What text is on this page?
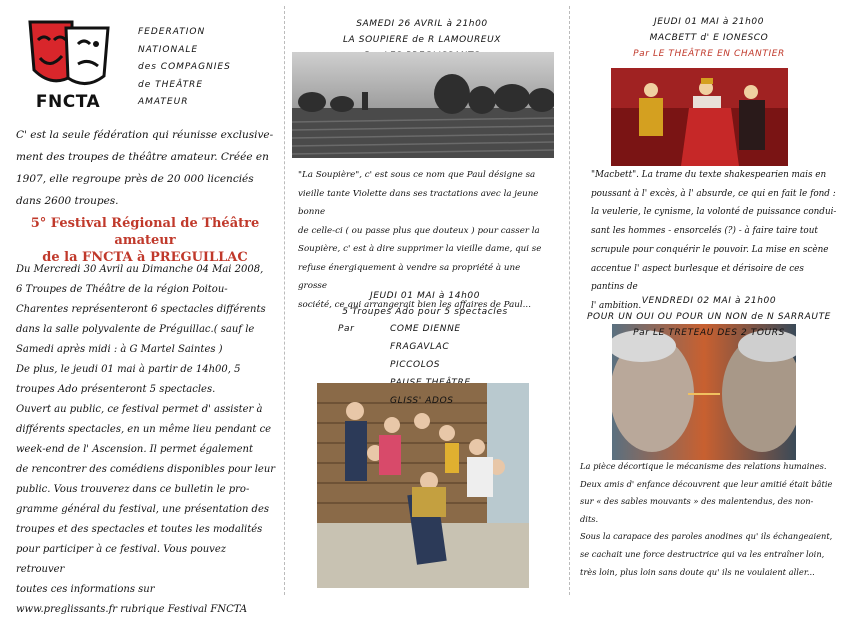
FNCTA
FEDERATION
NATIONALE
des COMPAGNIES
de THEÂTRE
AMATEUR
C' est la seule fédération qui réunisse exclusive-
ment des troupes de théâtre amateur. Créée en
1907, elle regroupe près de 20 000 licenciés
dans 2600 troupes.
5° Festival Régional de Théâtre amateur
de la FNCTA à PREGUILLAC
Du Mercredi 30 Avril au Dimanche 04 Mai 2008,
6 Troupes de Théâtre de la région Poitou-
Charentes représenteront 6 spectacles différents
dans la salle polyvalente de Préguillac.( sauf le
Samedi après midi : à G Martel Saintes )
De plus, le jeudi 01 mai à partir de 14h00, 5
troupes Ado présenteront 5 spectacles.
Ouvert au public, ce festival permet d' assister à
différents spectacles, en un même lieu pendant ce
week-end de l' Ascension. Il permet également
de rencontrer des comédiens disponibles pour leur
public. Vous trouverez dans ce bulletin le pro-
gramme général du festival, une présentation des
troupes et des spectacles et toutes les modalités
pour participer à ce festival. Vous pouvez retrouver
toutes ces informations sur
www.preglissants.fr rubrique Festival FNCTA
SAMEDI 26 AVRIL à 21h00
LA SOUPIERE de R LAMOUREUX
"La Soupière", c' est sous ce nom que Paul désigne sa
vieille tante Violette dans ses tractations avec la jeune bonne
de celle-ci ( ou passe plus que douteux ) pour casser la
Soupière, c' est à dire supprimer la vieille dame, qui se
refuse énergiquement à vendre sa propriété à une grosse
société, ce qui arrangerait bien les affaires de Paul...
JEUDI 01 MAI à 14h00
5 Troupes Ado pour 5 spectacles
Par	COME DIENNE
FRAGAVLAC
PICCOLOS
GLISS' ADOS
JEUDI 01 MAI à 21h00
MACBETT d' E IONESCO
Par LE THEÂTRE EN CHANTIER
"Macbett". La trame du texte shakespearien mais en
poussant à l' excès, à l' absurde, ce qui en fait le fond :
la veulerie, le cynisme, la volonté de puissance condui-
sant les hommes - ensorcelés (?) - à faire taire tout
scrupule pour conquérir le pouvoir. La mise en scène
accentue l' aspect burlesque et dérisoire de ces pantins de
l' ambition. VENDREDI 02 MAI à 21h00
POUR UN OUI OU POUR UN NON de N SARRAUTE
Par LE TRETEAU DES 2 TOURS
La pièce décortique le mécanisme des relations humaines.
Deux amis d' enfance découvrent que leur amitié était bâtie
sur « des sables mouvants » des malentendus, des non-
dits.
Sous la carapace des paroles anodines qu' ils échangeaient,
se cachait une force destructrice qui va les entraîner loin,
très loin, plus loin sans doute qu' ils ne voulaient aller...
